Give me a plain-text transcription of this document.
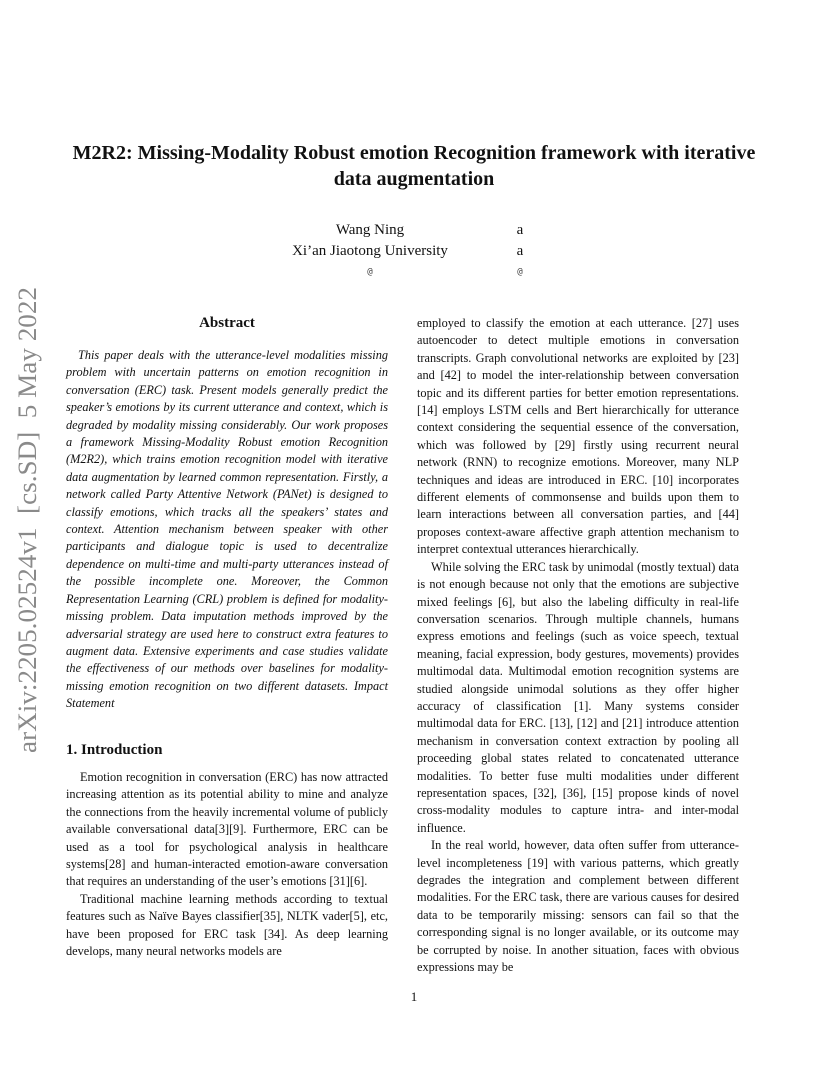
arXiv:2205.02524v1  [cs.SD]  5 May 2022
M2R2: Missing-Modality Robust emotion Recognition framework with iterative data augmentation
Wang Ning
Xi’an Jiaotong University
@
a
a
@
Abstract

This paper deals with the utterance-level modalities missing problem with uncertain patterns on emotion recognition in conversation (ERC) task. Present models generally predict the speaker’s emotions by its current utterance and context, which is degraded by modality missing considerably. Our work proposes a framework Missing-Modality Robust emotion Recognition (M2R2), which trains emotion recognition model with iterative data augmentation by learned common representation. Firstly, a network called Party Attentive Network (PANet) is designed to classify emotions, which tracks all the speakers’ states and context. Attention mechanism between speaker with other participants and dialogue topic is used to decentralize dependence on multi-time and multi-party utterances instead of the possible incomplete one. Moreover, the Common Representation Learning (CRL) problem is defined for modality-missing problem. Data imputation methods improved by the adversarial strategy are used here to construct extra features to augment data. Extensive experiments and case studies validate the effectiveness of our methods over baselines for modality-missing emotion recognition on two different datasets. Impact Statement

1. Introduction

Emotion recognition in conversation (ERC) has now attracted increasing attention as its potential ability to mine and analyze the connections from the heavily incremental volume of publicly available conversational data[3][9]. Furthermore, ERC can be used as a tool for psychological analysis in healthcare systems[28] and human-interacted emotion-aware conversation that requires an understanding of the user’s emotions [31][6].

Traditional machine learning methods according to textual features such as Naïve Bayes classifier[35], NLTK vader[5], etc, have been proposed for ERC task [34]. As deep learning develops, many neural networks models are

employed to classify the emotion at each utterance. [27] uses autoencoder to detect multiple emotions in conversation transcripts. Graph convolutional networks are exploited by [23] and [42] to model the inter-relationship between conversation topic and its different parties for better emotion representations. [14] employs LSTM cells and Bert hierarchically for utterance context considering the sequential essence of the conversation, which was followed by [29] firstly using recurrent neural network (RNN) to recognize emotions. Moreover, many NLP techniques and ideas are introduced in ERC. [10] incorporates different elements of commonsense and builds upon them to learn interactions between all conversation parties, and [44] proposes context-aware affective graph attention mechanism to interpret contextual utterances hierarchically.

While solving the ERC task by unimodal (mostly textual) data is not enough because not only that the emotions are subjective mixed feelings [6], but also the labeling difficulty in real-life conversation scenarios. Through multiple channels, humans express emotions and feelings (such as voice speech, textual meaning, facial expression, body gestures, movements) provides multimodal data. Multimodal emotion recognition systems are studied alongside unimodal solutions as they offer higher accuracy of classification [1]. Many systems consider multimodal data for ERC. [13], [12] and [21] introduce attention mechanism in conversation context extraction by pooling all proceeding global states related to concatenated utterance modalities. To better fuse multi modalities under different representation spaces, [32], [36], [15] propose kinds of novel cross-modality modules to capture intra- and inter-modal influence.

In the real world, however, data often suffer from utterance-level incompleteness [19] with various patterns, which greatly degrades the integration and complement between different modalities. For the ERC task, there are various causes for desired data to be temporarily missing: sensors can fail so that the corresponding signal is no longer available, or its outcome may be corrupted by noise. In another situation, faces with obvious expressions may be

1
